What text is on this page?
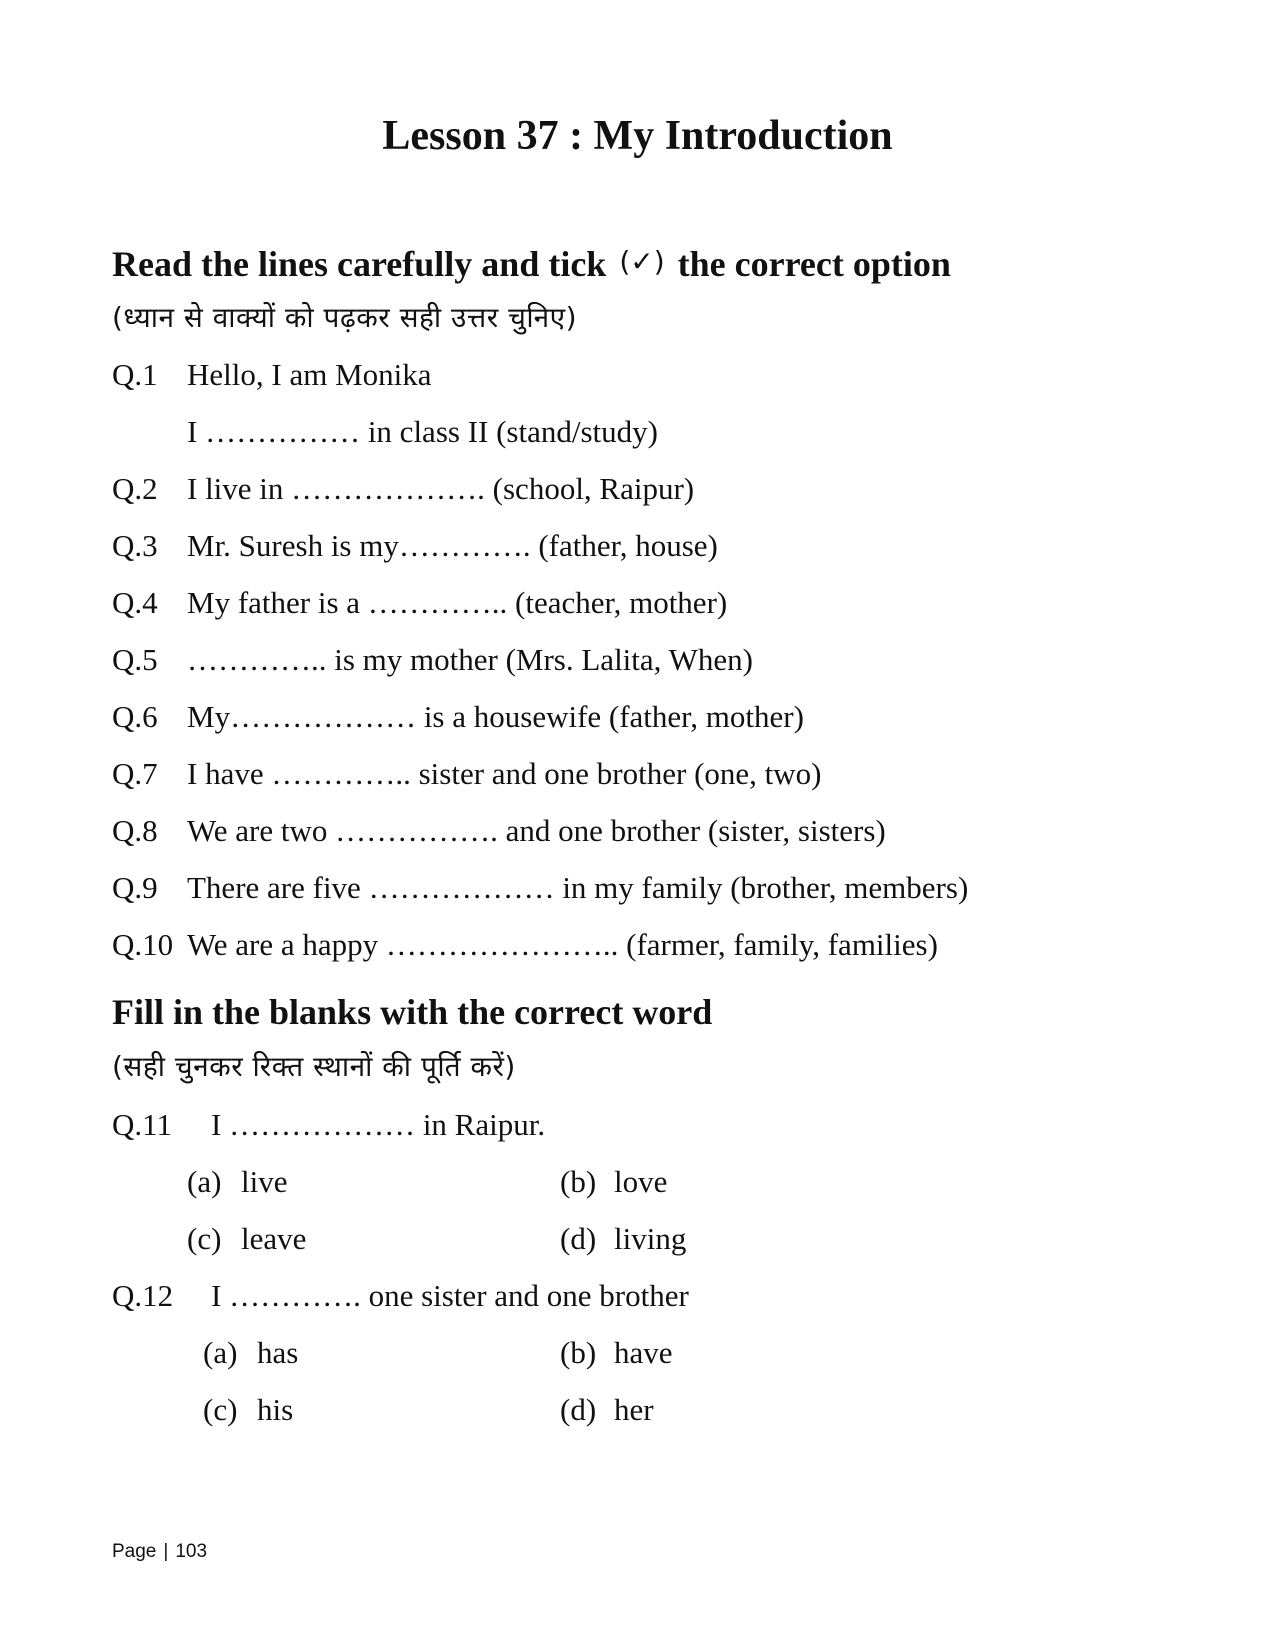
Lesson 37 : My Introduction
Read the lines carefully and tick (✓) the correct option
(ध्यान से वाक्यों को पढ़कर सही उत्तर चुनिए)
Q.1 Hello, I am Monika
I …………… in class II (stand/study)
Q.2 I live in ………………. (school, Raipur)
Q.3 Mr. Suresh is my…………. (father, house)
Q.4 My father is a ………….. (teacher, mother)
Q.5 ………….. is my mother (Mrs. Lalita, When)
Q.6 My……………… is a housewife (father, mother)
Q.7 I have ………….. sister and one brother (one, two)
Q.8 We are two ……………. and one brother (sister, sisters)
Q.9 There are five ……………… in my family (brother, members)
Q.10 We are a happy ………………….. (farmer, family, families)
Fill in the blanks with the correct word
(सही चुनकर रिक्त स्थानों की पूर्ति करें)
Q.11 I ……………… in Raipur.
(a) live	(b) love
(c) leave	(d) living
Q.12 I …………. one sister and one brother
(a) has	(b) have
(c) his	(d) her
Page | 103
